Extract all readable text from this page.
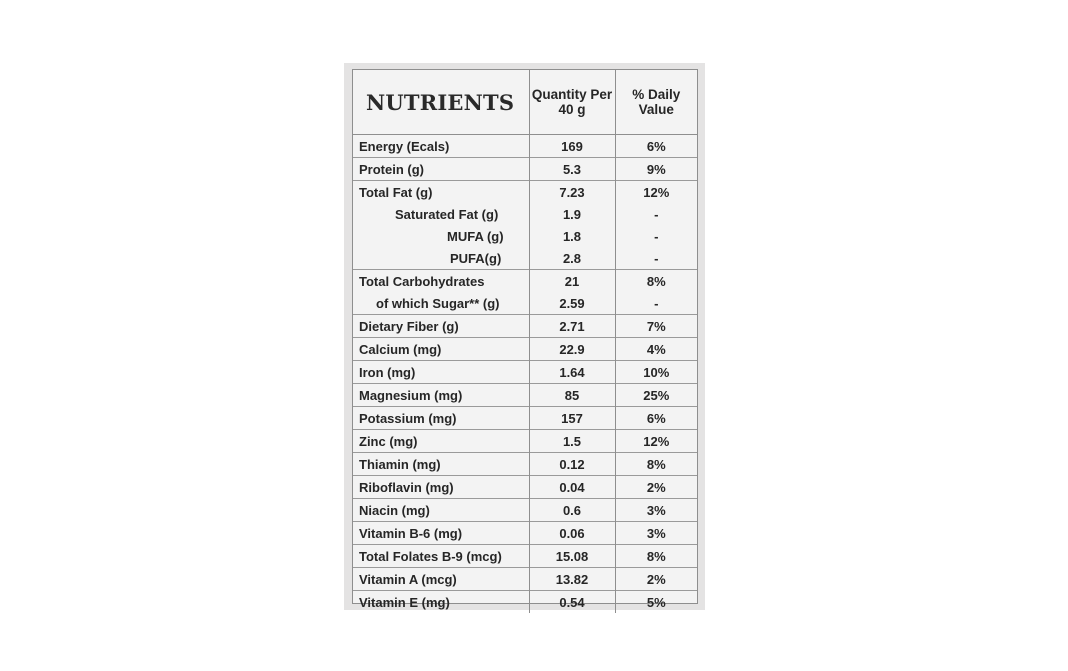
NUTRIENTS	Quantity Per 40 g	% Daily Value
Energy (Ecals)	169	6%
Protein (g)	5.3	9%
Total Fat (g)	7.23	12%
Saturated Fat (g)	1.9	-
MUFA (g)	1.8	-
PUFA(g)	2.8	-
Total Carbohydrates	21	8%
of which Sugar** (g)	2.59	-
Dietary Fiber (g)	2.71	7%
Calcium (mg)	22.9	4%
Iron (mg)	1.64	10%
Magnesium (mg)	85	25%
Potassium (mg)	157	6%
Zinc (mg)	1.5	12%
Thiamin (mg)	0.12	8%
Riboflavin (mg)	0.04	2%
Niacin (mg)	0.6	3%
Vitamin B-6 (mg)	0.06	3%
Total Folates B-9 (mcg)	15.08	8%
Vitamin A (mcg)	13.82	2%
Vitamin E (mg)	0.54	5%
